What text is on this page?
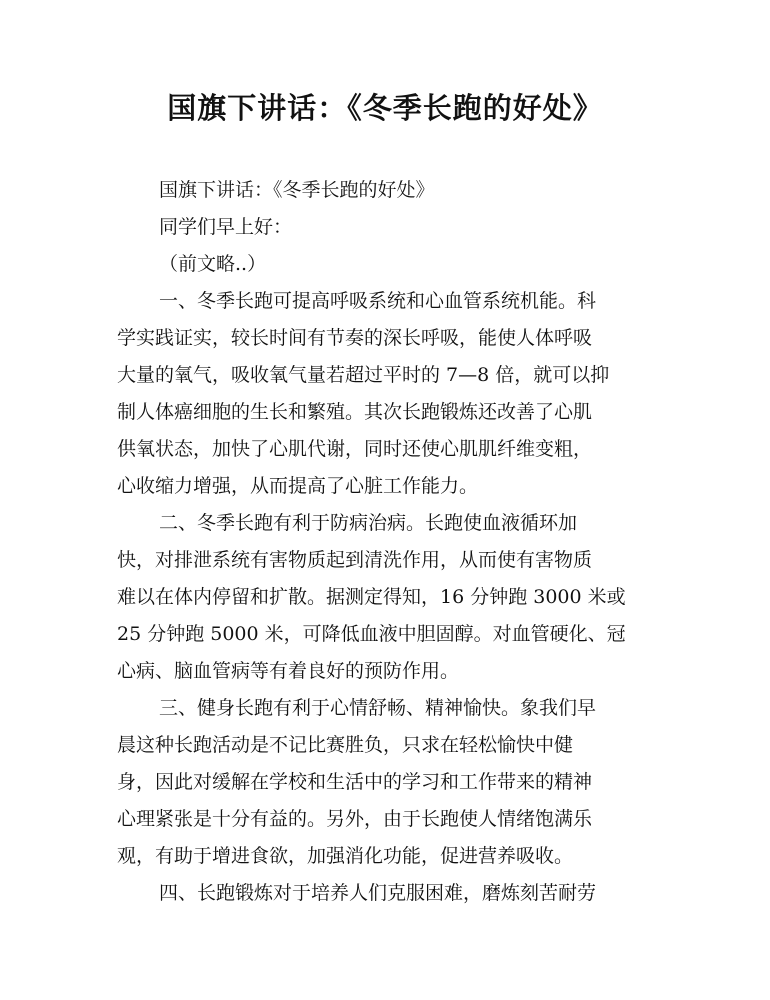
国旗下讲话：《冬季长跑的好处》

国旗下讲话：《冬季长跑的好处》

同学们早上好：

（前文略..）

一、冬季长跑可提高呼吸系统和心血管系统机能。科
学实践证实，较长时间有节奏的深长呼吸，能使人体呼吸
大量的氧气，吸收氧气量若超过平时的 7—8 倍，就可以抑
制人体癌细胞的生长和繁殖。其次长跑锻炼还改善了心肌
供氧状态，加快了心肌代谢，同时还使心肌肌纤维变粗，
心收缩力增强，从而提高了心脏工作能力。

二、冬季长跑有利于防病治病。长跑使血液循环加
快，对排泄系统有害物质起到清洗作用，从而使有害物质
难以在体内停留和扩散。据测定得知，16 分钟跑 3000 米或
25 分钟跑 5000 米，可降低血液中胆固醇。对血管硬化、冠
心病、脑血管病等有着良好的预防作用。

三、健身长跑有利于心情舒畅、精神愉快。象我们早
晨这种长跑活动是不记比赛胜负，只求在轻松愉快中健
身，因此对缓解在学校和生活中的学习和工作带来的精神
心理紧张是十分有益的。另外，由于长跑使人情绪饱满乐
观，有助于增进食欲，加强消化功能，促进营养吸收。

四、长跑锻炼对于培养人们克服困难，磨炼刻苦耐劳
